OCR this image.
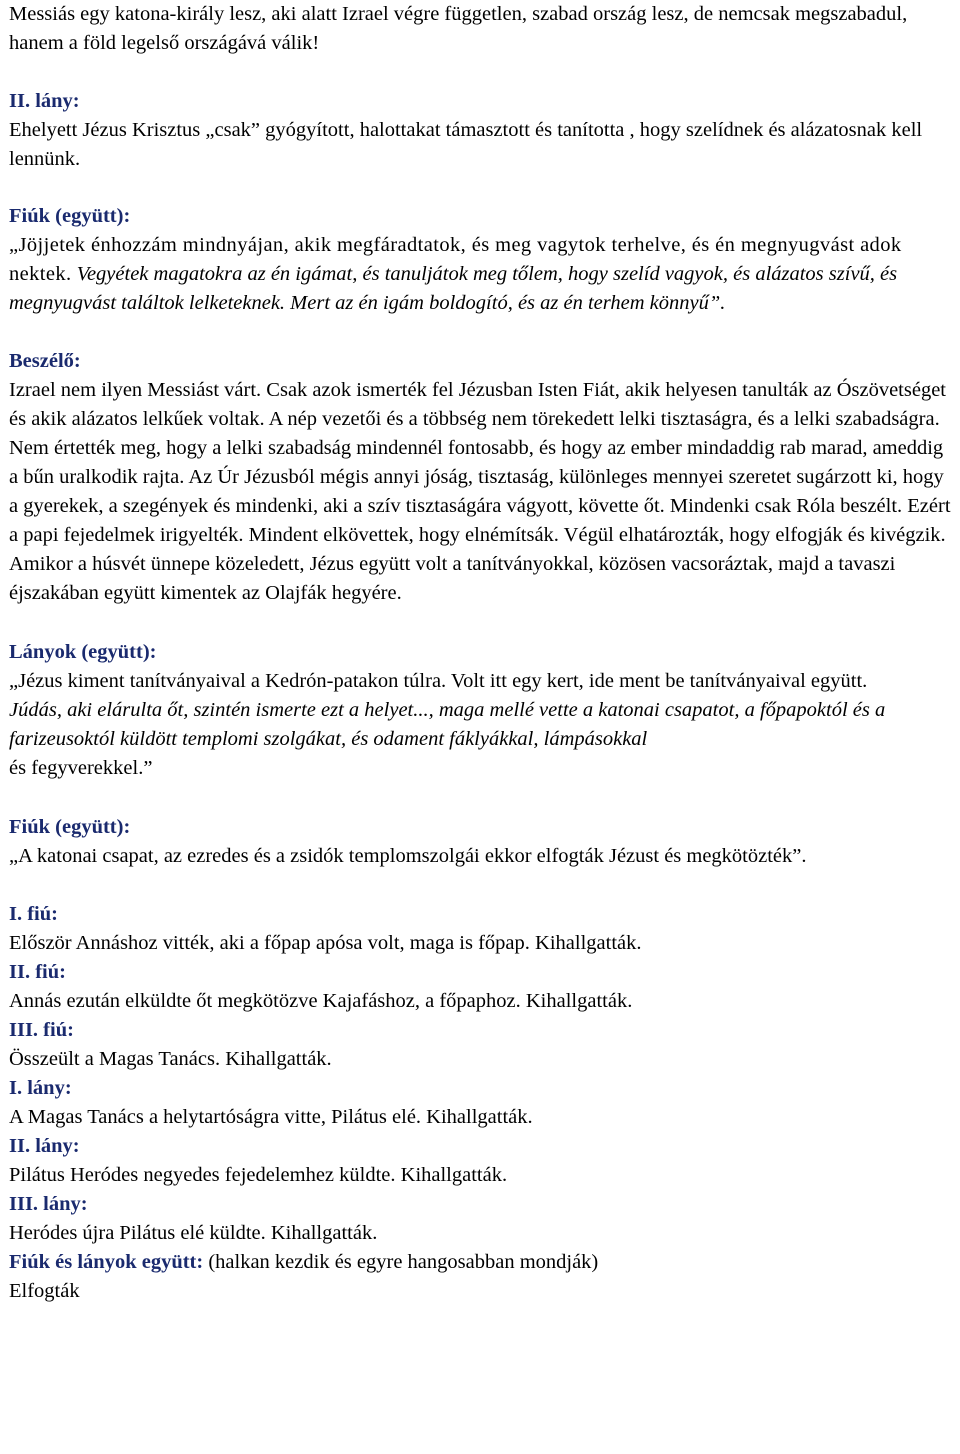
Messiás egy katona-király lesz, aki alatt Izrael végre független, szabad ország lesz, de nemcsak megszabadul, hanem a föld legelső országává válik!

II. lány:

Ehelyett Jézus Krisztus „csak” gyógyított, halottakat támasztott és tanította , hogy szelídnek és alázatosnak kell lennünk.

Fiúk (együtt):

„Jöjjetek énhozzám mindnyájan, akik megfáradtatok, és meg vagytok terhelve, és én megnyugvást adok nektek. Vegyétek magatokra az én igámat, és tanuljátok meg tőlem, hogy szelíd vagyok, és alázatos szívű, és megnyugvást találtok lelketeknek. Mert az én igám boldogító, és az én terhem könnyű”.

Beszélő:

Izrael nem ilyen Messiást várt. Csak azok ismerték fel Jézusban Isten Fiát, akik helyesen tanulták az Ószövetséget és akik alázatos lelkűek voltak. A nép vezetői és a többség nem törekedett lelki tisztaságra, és a lelki szabadságra. Nem értették meg, hogy a lelki szabadság mindennél fontosabb, és hogy az ember mindaddig rab marad, ameddig a bűn uralkodik rajta. Az Úr Jézusból mégis annyi jóság, tisztaság, különleges mennyei szeretet sugárzott ki, hogy a gyerekek, a szegények és mindenki, aki a szív tisztaságára vágyott, követte őt. Mindenki csak Róla beszélt. Ezért a papi fejedelmek irigyelték. Mindent elkövettek, hogy elnémítsák. Végül elhatározták, hogy elfogják és kivégzik.

Amikor a húsvét ünnepe közeledett, Jézus együtt volt a tanítványokkal, közösen vacsoráztak, majd a tavaszi éjszakában együtt kimentek az Olajfák hegyére.

Lányok (együtt):

„Jézus kiment tanítványaival a Kedrón-patakon túlra. Volt itt egy kert, ide ment be tanítványaival együtt.

Júdás, aki elárulta őt, szintén ismerte ezt a helyet..., maga mellé vette a katonai csapatot, a főpapoktól és a farizeusoktól küldött templomi szolgákat, és odament fáklyákkal, lámpásokkal

és fegyverekkel.”

Fiúk (együtt):

„A katonai csapat, az ezredes és a zsidók templomszolgái ekkor elfogták Jézust és megkötözték”.

I. fiú:

Először Annáshoz vitték, aki a főpap apósa volt, maga is főpap. Kihallgatták.

II. fiú:

Annás ezután elküldte őt megkötözve Kajafáshoz, a főpaphoz. Kihallgatták.

III. fiú:

Összeült a Magas Tanács. Kihallgatták.

I. lány:

A Magas Tanács a helytartóságra vitte, Pilátus elé. Kihallgatták.

II. lány:

Pilátus Heródes negyedes fejedelemhez küldte. Kihallgatták.

III. lány:

Heródes újra Pilátus elé küldte. Kihallgatták.

Fiúk és lányok együtt: (halkan kezdik és egyre hangosabban mondják)

Elfogták
